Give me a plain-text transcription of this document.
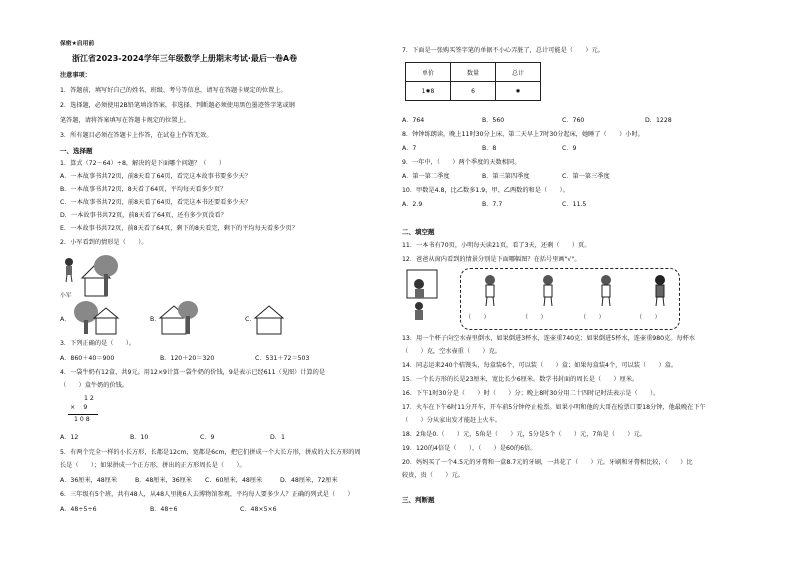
保密★启用前
浙江省2023-2024学年三年级数学上册期末考试·最后一卷A卷
注意事项：
1．答题前，填写好自己的姓名、班级、考号等信息，请写在答题卡规定的位置上。
2．选择题，必须使用2B铅笔填涂答案，非选择、判断题必须使用黑色墨迹签字笔或钢
笔答题，请将答案填写在答题卡规定的位置上。
3．所有题目必须在答题卡上作答，在试卷上作答无效。
一、选择题
1．算式（72－64）÷8，解决的是下面哪个问题？（　　）
A．一本故事书共72页，前8天看了64页，看完这本故事书要多少天？
B．一本故事书共72页，8天看了64页，平均每天看多少页？
C．一本故事书共72页，前8天看了64页，看完这本书还要看多少天？
D．一本故事书共72页，前8天看了64页，还有多少页没看？
E．一本故事书共72页，前8天看了64页，剩下的8天看完，剩下的平均每天看多少页？
2．小军看到的情形是（　　）。
小军
A．	B．	C．
3．下列正确的是（　　）。
A．860＋40＝900	B．120＋20＝320	C．531＋72＝503
4．一袋牛奶有12盒，共9元。用12×9计算一袋牛奶的价钱，9是表示已经611（见图）计算的是
（　　）盒牛奶的价钱。
1 2
×　 9
1 0 8
A．12	B．10	C．9	D．1
5．有两个完全一样的小长方形，长都是12cm，宽都是6cm，把它们拼成一个大长方形，拼成的大长方形的周
长是（　　）；如果拼成一个正方形，拼出的正方形周长是（　　）。
A．36厘米，48厘米	B．48厘米，36厘米 C．60厘米，48厘米	D．48厘米，72厘米
6．三年级有5个班，共有48人，从48人里挑6人去博物馆参观，平均每人要多少人？正确的列式是（　　）
A．48÷5÷6	B．48÷6	C．48×5×6
7．下面是一张购买签字笔的单据不小心弄脏了，总计可能是（　　）元。
单价	数量	总计
1✸8	6	✸
A．764	B．560	C．760	D．1228
8．钟钟练朗读，晚上11时30分上床，第二天早上7时30分起床，她睡了（　　）小时。
A．7	B．8	C．9
9．一年中，（　　）两个季度的天数相同。
A．第一第二季度	B．第三第四季度	C．第一第三季度
10．甲数是4.8，比乙数多1.9，甲、乙两数的和是（　　）。
A．2.9	B．7.7	C．11.5
二、填空题
11．一本书有70页，小明每天读21页，看了3天，还剩（　　）页。
12．爸爸从窗内看到的情景分别是下面哪幅图？在括号里画"√"。
（　　）	（　　）	（　　）	（　　）
13．用一个杯子向空水壶里倒水，如果倒进3杯水，连壶重740克；如果倒进5杯水，连壶重980克。每杯水
（　　）克，空水壶重（　　）克。
14．同志运来240个桔馒头，每盒装6个，可以装（　　）盒；如果每盒装4个，可以装（　　）盒。
15．一个长方形的长是23厘米，宽比长少6厘米。数学书封面的周长是（　　）厘米。
16．下午1时30分是（　　）时（　　）分；晚上8时30分用二十四时记时法表示是（　　）。
17．火车在下午6时11分开车，开车前5分钟停止检票。如果小明和他的大哥在检票口要18分钟，他最晚在下午
（　　）分从家出发才能赶上火车。
18．2角是0.（　　）元，5角是（　　）元，5分是5个（　　）元，7角是（　　）元。
19．120的4倍是（　　），（　　）是60的6倍。
20．妈妈买了一个4.5元的牙膏和一盒8.7元的牙刷，一共花了（　　）元。牙刷和牙膏相比较，（　　）比
较贵，贵（　　）元。
三、判断题
